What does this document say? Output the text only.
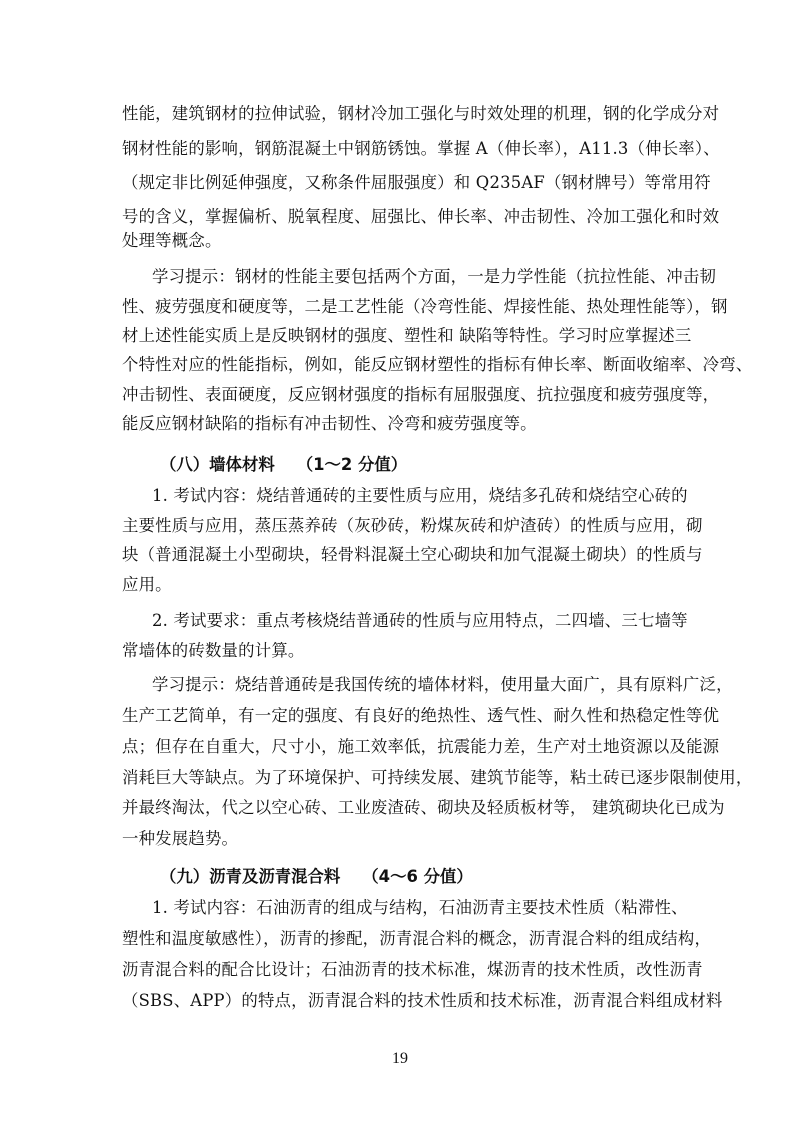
性能，建筑钢材的拉伸试验，钢材冷加工强化与时效处理的机理，钢的化学成分对
钢材性能的影响，钢筋混凝土中钢筋锈蚀。掌握 A（伸长率），A11.3（伸长率）、
（规定非比例延伸强度，又称条件屈服强度）和 Q235AF（钢材牌号）等常用符
号的含义，掌握偏析、脱氧程度、屈强比、伸长率、冲击韧性、冷加工强化和时效
处理等概念。
学习提示：钢材的性能主要包括两个方面，一是力学性能（抗拉性能、冲击韧
性、疲劳强度和硬度等，二是工艺性能（冷弯性能、焊接性能、热处理性能等），钢
材上述性能实质上是反映钢材的强度、塑性和 缺陷等特性。学习时应掌握述三
个特性对应的性能指标，例如，能反应钢材塑性的指标有伸长率、断面收缩率、冷弯、
冲击韧性、表面硬度，反应钢材强度的指标有屈服强度、抗拉强度和疲劳强度等，
能反应钢材缺陷的指标有冲击韧性、冷弯和疲劳强度等。
（八）墙体材料 （1～2 分值）
1. 考试内容：烧结普通砖的主要性质与应用，烧结多孔砖和烧结空心砖的
主要性质与应用，蒸压蒸养砖（灰砂砖，粉煤灰砖和炉渣砖）的性质与应用，砌
块（普通混凝土小型砌块，轻骨料混凝土空心砌块和加气混凝土砌块）的性质与
应用。
2. 考试要求：重点考核烧结普通砖的性质与应用特点，二四墙、三七墙等
常墙体的砖数量的计算。
学习提示：烧结普通砖是我国传统的墙体材料，使用量大面广，具有原料广泛，
生产工艺简单，有一定的强度、有良好的绝热性、透气性、耐久性和热稳定性等优
点；但存在自重大，尺寸小，施工效率低，抗震能力差，生产对土地资源以及能源
消耗巨大等缺点。为了环境保护、可持续发展、建筑节能等，粘土砖已逐步限制使用，
并最终淘汰，代之以空心砖、工业废渣砖、砌块及轻质板材等， 建筑砌块化已成为
一种发展趋势。
（九）沥青及沥青混合料 （4～6 分值）
1. 考试内容：石油沥青的组成与结构，石油沥青主要技术性质（粘滞性、
塑性和温度敏感性），沥青的掺配，沥青混合料的概念，沥青混合料的组成结构，
沥青混合料的配合比设计；石油沥青的技术标准，煤沥青的技术性质，改性沥青
（SBS、APP）的特点，沥青混合料的技术性质和技术标准，沥青混合料组成材料
19
